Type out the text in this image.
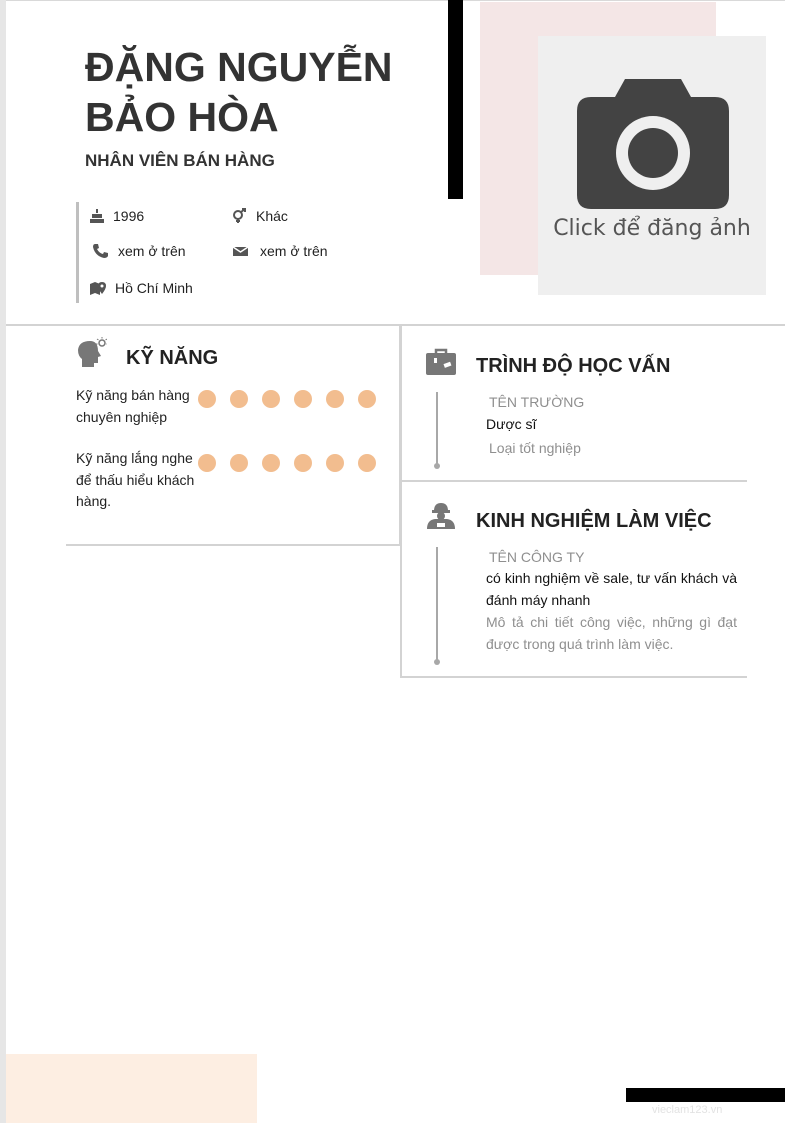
Click để đăng ảnh
ĐẶNG NGUYỄN
BẢO HÒA
NHÂN VIÊN BÁN HÀNG
1996	Khác
xem ở trên	xem ở trên
Hồ Chí Minh
KỸ NĂNG
Kỹ năng bán hàng chuyên nghiệp
Kỹ năng lắng nghe để thấu hiểu khách hàng.
TRÌNH ĐỘ HỌC VẤN
TÊN TRƯỜNG
Dược sĩ
Loại tốt nghiệp
KINH NGHIỆM LÀM VIỆC
TÊN CÔNG TY
có kinh nghiệm về sale, tư vấn khách và đánh máy nhanh
Mô tả chi tiết công việc, những gì đạt được trong quá trình làm việc.
vieclam123.vn
